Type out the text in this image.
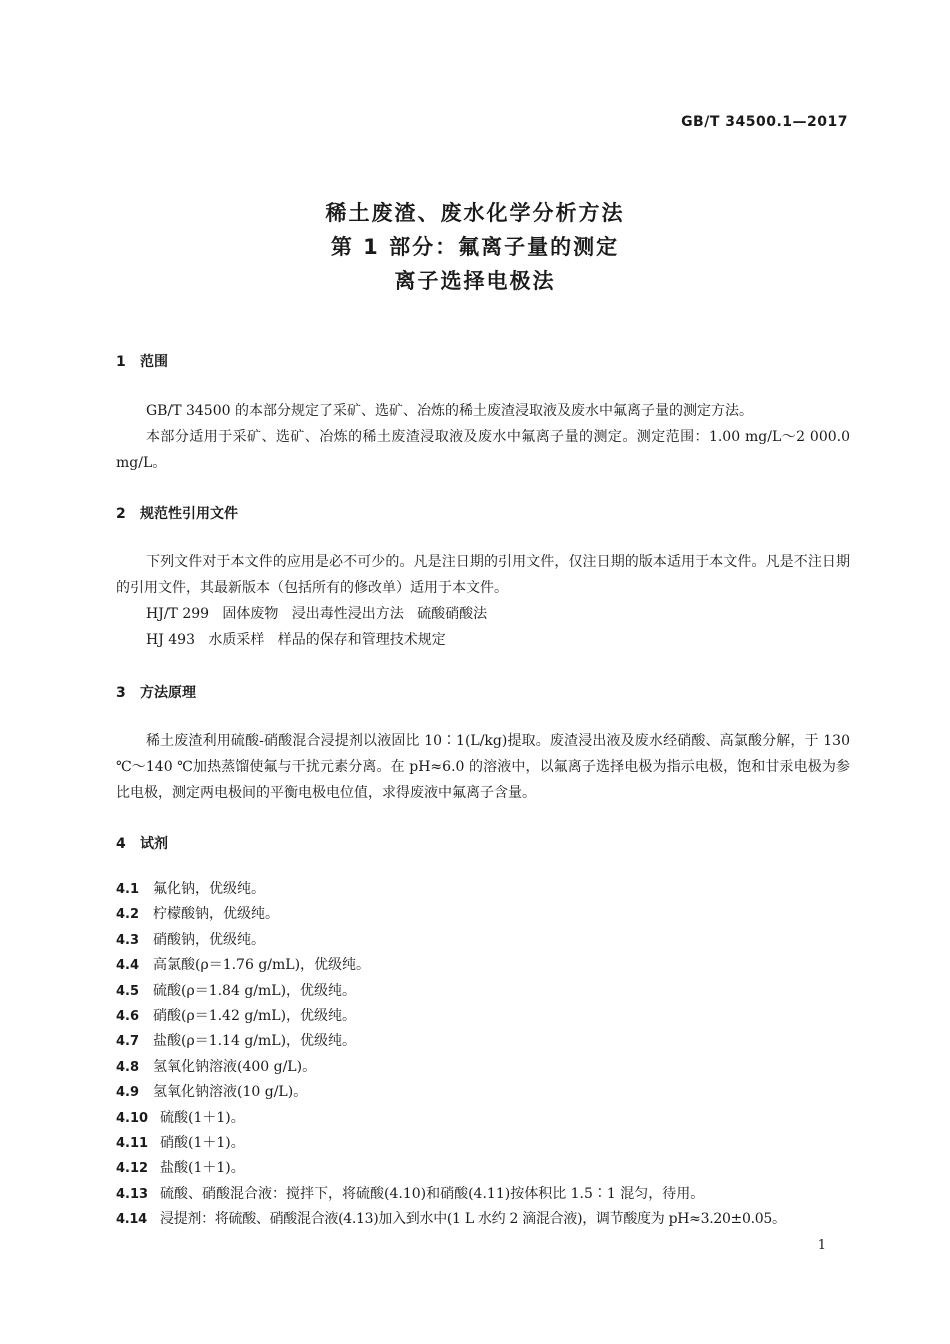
GB/T 34500.1—2017
稀土废渣、废水化学分析方法
第 1 部分：氟离子量的测定
离子选择电极法
1 范围

GB/T 34500 的本部分规定了采矿、选矿、冶炼的稀土废渣浸取液及废水中氟离子量的测定方法。

本部分适用于采矿、选矿、冶炼的稀土废渣浸取液及废水中氟离子量的测定。测定范围：1.00 mg/L～2 000.0 mg/L。

2 规范性引用文件

下列文件对于本文件的应用是必不可少的。凡是注日期的引用文件，仅注日期的版本适用于本文件。凡是不注日期的引用文件，其最新版本（包括所有的修改单）适用于本文件。

HJ/T 299   固体废物   浸出毒性浸出方法   硫酸硝酸法
HJ 493   水质采样   样品的保存和管理技术规定
3 方法原理

稀土废渣利用硫酸-硝酸混合浸提剂以液固比 10∶1(L/kg)提取。废渣浸出液及废水经硝酸、高氯酸分解，于 130 ℃～140 ℃加热蒸馏使氟与干扰元素分离。在 pH≈6.0 的溶液中，以氟离子选择电极为指示电极，饱和甘汞电极为参比电极，测定两电极间的平衡电极电位值，求得废液中氟离子含量。

4 试剂
4.1 氟化钠，优级纯。
4.2 柠檬酸钠，优级纯。
4.3 硝酸钠，优级纯。
4.4 高氯酸(ρ＝1.76 g/mL)，优级纯。
4.5 硫酸(ρ＝1.84 g/mL)，优级纯。
4.6 硝酸(ρ＝1.42 g/mL)，优级纯。
4.7 盐酸(ρ＝1.14 g/mL)，优级纯。
4.8 氢氧化钠溶液(400 g/L)。
4.9 氢氧化钠溶液(10 g/L)。
4.10 硫酸(1＋1)。
4.11 硝酸(1＋1)。
4.12 盐酸(1＋1)。
4.13 硫酸、硝酸混合液：搅拌下，将硫酸(4.10)和硝酸(4.11)按体积比 1.5∶1 混匀，待用。
4.14 浸提剂：将硫酸、硝酸混合液(4.13)加入到水中(1 L 水约 2 滴混合液)，调节酸度为 pH≈3.20±0.05。
1
